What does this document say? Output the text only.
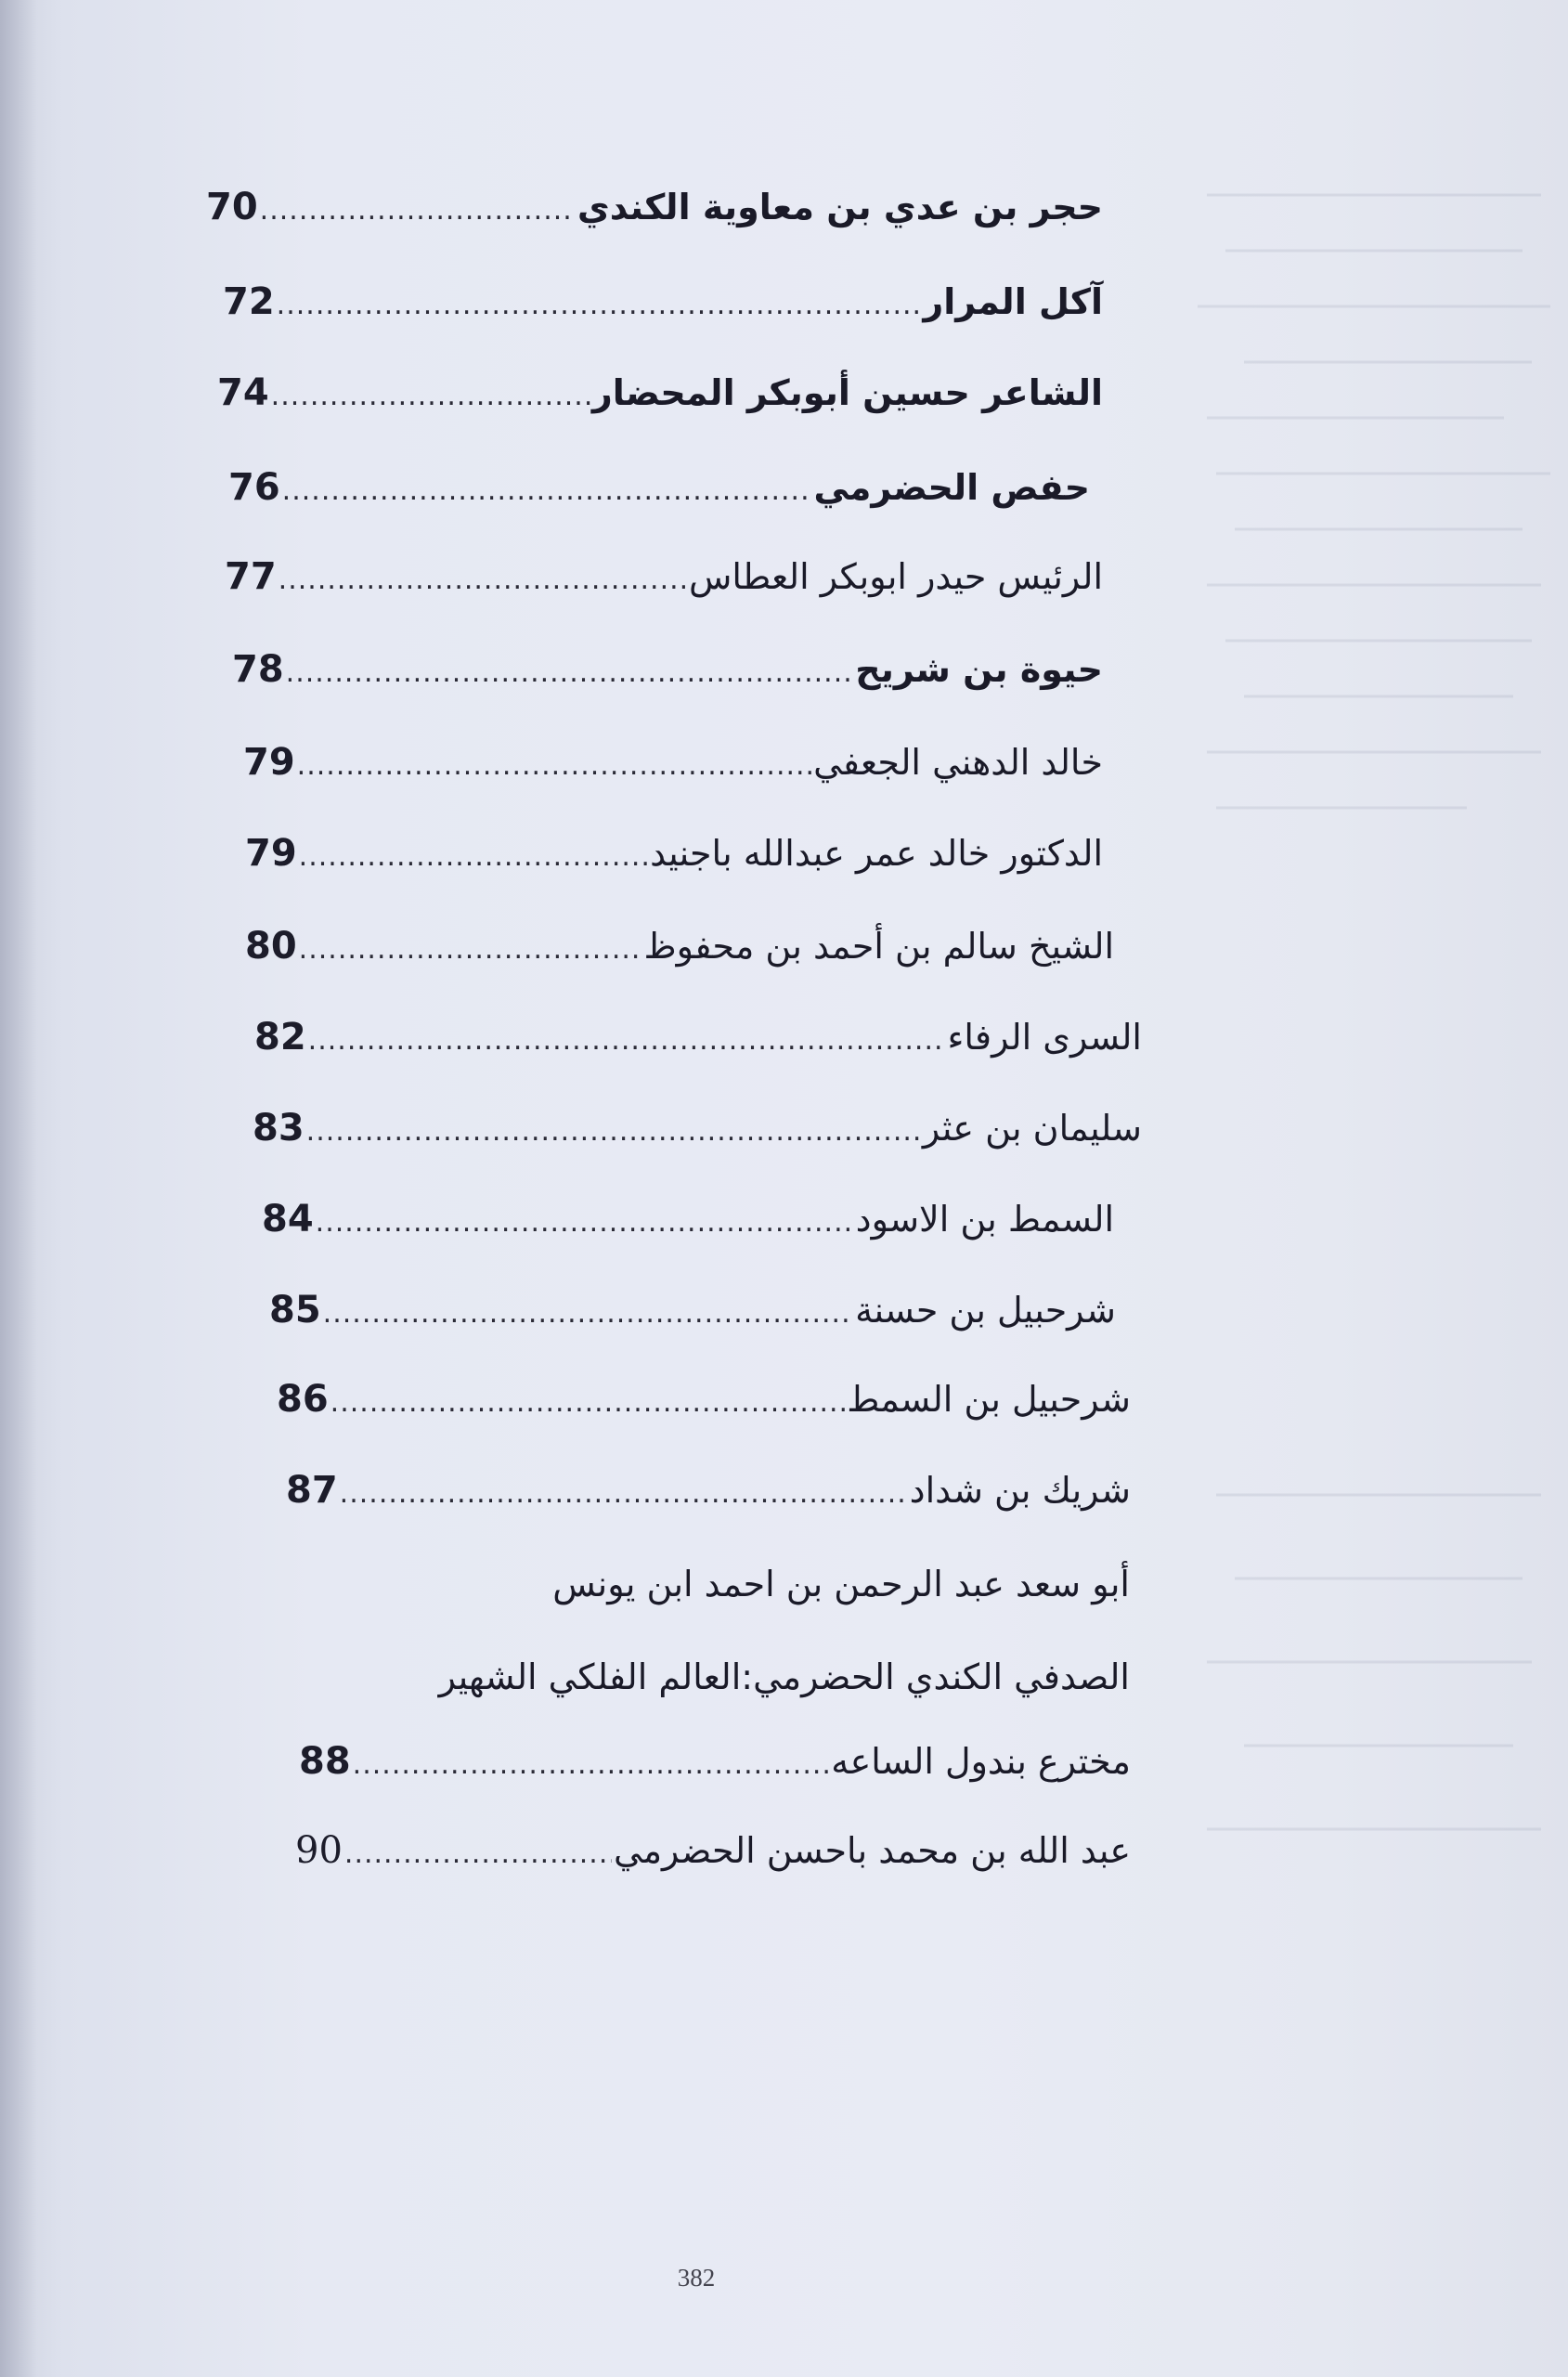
70 .....	حجر بن عدي بن معاوية الكندي
72 .....	آكل المرار
74 .....	الشاعر حسين أبوبكر المحضار
76 .....	حفص الحضرمي
77 .....	الرئيس حيدر ابوبكر العطاس
78 .....	حيوة بن شريح
79 .....	خالد الدهني الجعفي
79 .....	الدكتور خالد عمر عبدالله باجنيد
80 .....	الشيخ سالم بن أحمد بن محفوظ
82 .....	السرى الرفاء
83 .....	سليمان بن عثر
84 .....	السمط بن الاسود
85 .....	شرحبيل بن حسنة
86 .....	شرحبيل بن السمط
87 .....	شريك بن شداد
أبو سعد عبد الرحمن بن احمد ابن يونس
الصدفي الكندي الحضرمي:العالم الفلكي الشهير
88 .....	مخترع بندول الساعه
90 .....	عبد الله بن محمد باحسن الحضرمي
382
